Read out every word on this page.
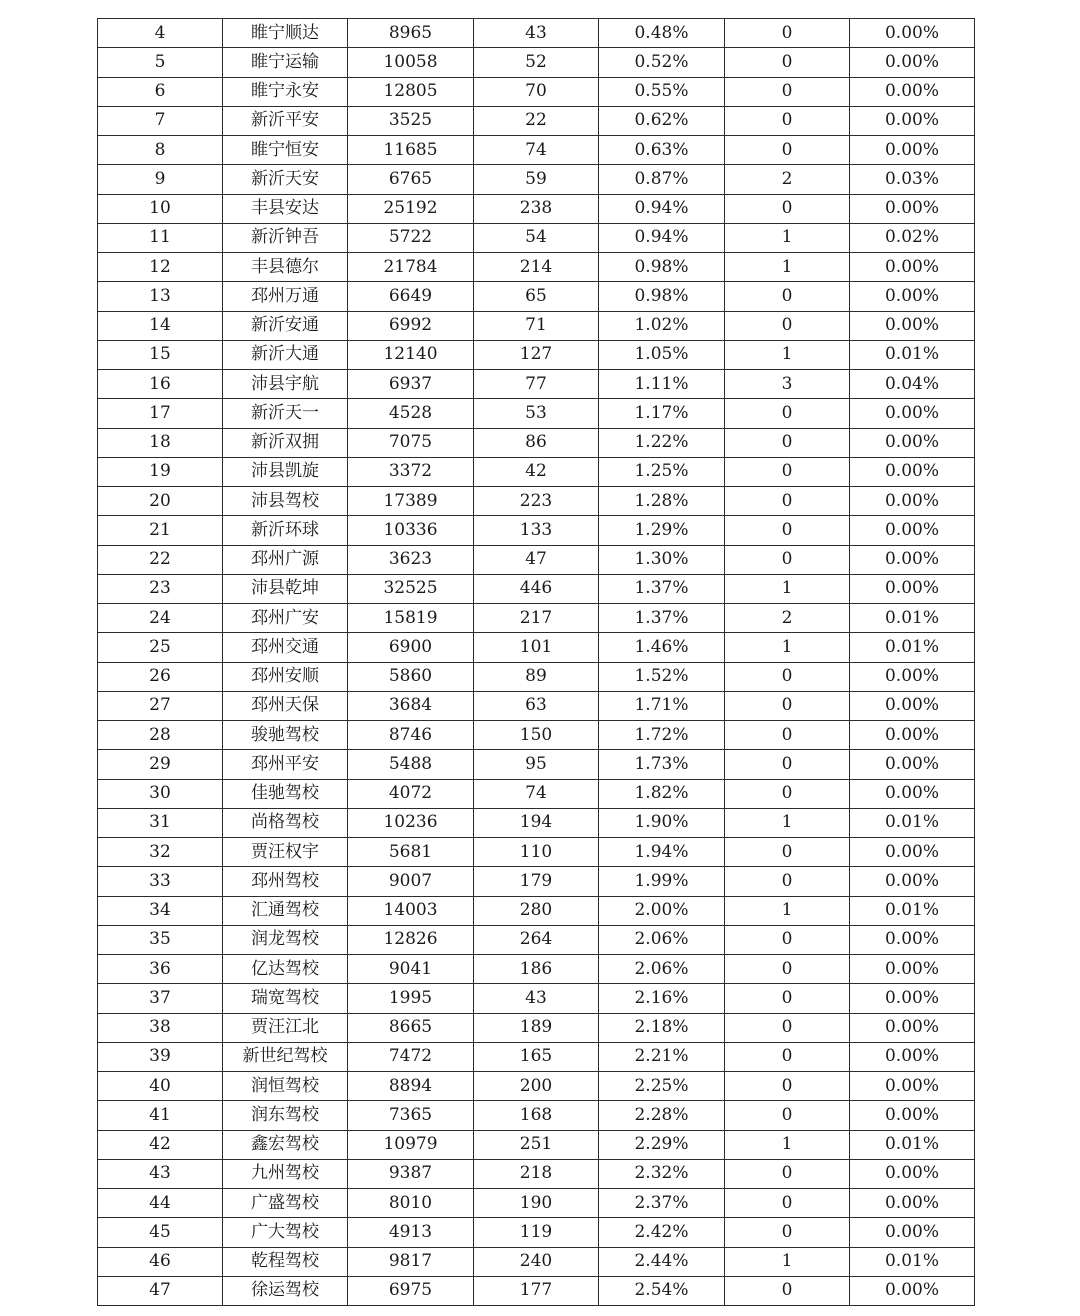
4	睢宁顺达	8965	43	0.48%	0	0.00%
5	睢宁运输	10058	52	0.52%	0	0.00%
6	睢宁永安	12805	70	0.55%	0	0.00%
7	新沂平安	3525	22	0.62%	0	0.00%
8	睢宁恒安	11685	74	0.63%	0	0.00%
9	新沂天安	6765	59	0.87%	2	0.03%
10	丰县安达	25192	238	0.94%	0	0.00%
11	新沂钟吾	5722	54	0.94%	1	0.02%
12	丰县德尔	21784	214	0.98%	1	0.00%
13	邳州万通	6649	65	0.98%	0	0.00%
14	新沂安通	6992	71	1.02%	0	0.00%
15	新沂大通	12140	127	1.05%	1	0.01%
16	沛县宇航	6937	77	1.11%	3	0.04%
17	新沂天一	4528	53	1.17%	0	0.00%
18	新沂双拥	7075	86	1.22%	0	0.00%
19	沛县凯旋	3372	42	1.25%	0	0.00%
20	沛县驾校	17389	223	1.28%	0	0.00%
21	新沂环球	10336	133	1.29%	0	0.00%
22	邳州广源	3623	47	1.30%	0	0.00%
23	沛县乾坤	32525	446	1.37%	1	0.00%
24	邳州广安	15819	217	1.37%	2	0.01%
25	邳州交通	6900	101	1.46%	1	0.01%
26	邳州安顺	5860	89	1.52%	0	0.00%
27	邳州天保	3684	63	1.71%	0	0.00%
28	骏驰驾校	8746	150	1.72%	0	0.00%
29	邳州平安	5488	95	1.73%	0	0.00%
30	佳驰驾校	4072	74	1.82%	0	0.00%
31	尚格驾校	10236	194	1.90%	1	0.01%
32	贾汪权宇	5681	110	1.94%	0	0.00%
33	邳州驾校	9007	179	1.99%	0	0.00%
34	汇通驾校	14003	280	2.00%	1	0.01%
35	润龙驾校	12826	264	2.06%	0	0.00%
36	亿达驾校	9041	186	2.06%	0	0.00%
37	瑞宽驾校	1995	43	2.16%	0	0.00%
38	贾汪江北	8665	189	2.18%	0	0.00%
39	新世纪驾校	7472	165	2.21%	0	0.00%
40	润恒驾校	8894	200	2.25%	0	0.00%
41	润东驾校	7365	168	2.28%	0	0.00%
42	鑫宏驾校	10979	251	2.29%	1	0.01%
43	九州驾校	9387	218	2.32%	0	0.00%
44	广盛驾校	8010	190	2.37%	0	0.00%
45	广大驾校	4913	119	2.42%	0	0.00%
46	乾程驾校	9817	240	2.44%	1	0.01%
47	徐运驾校	6975	177	2.54%	0	0.00%
